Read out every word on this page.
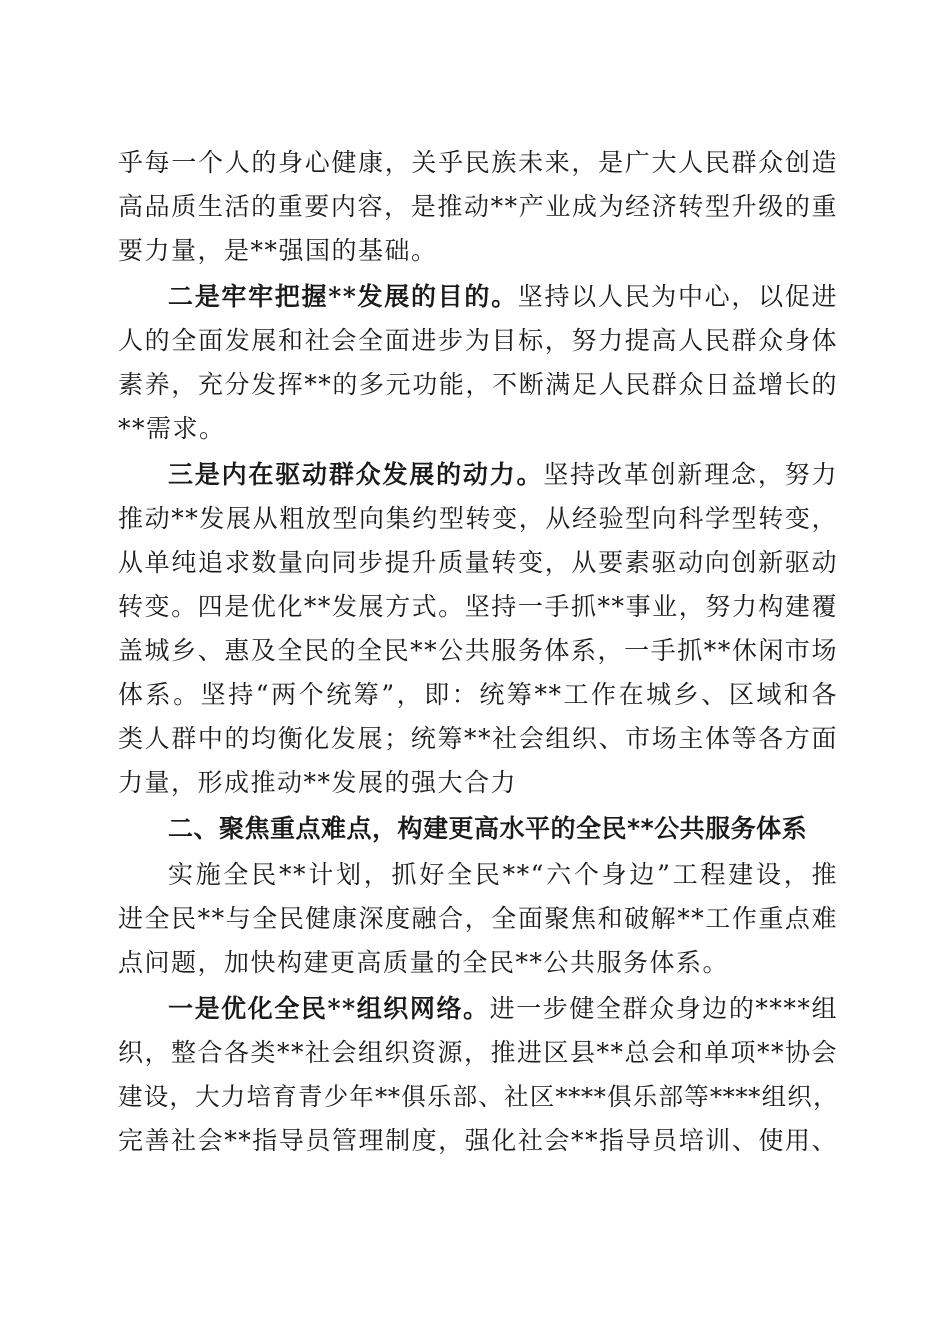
乎每一个人的身心健康，关乎民族未来，是广大人民群众创造
高品质生活的重要内容，是推动**产业成为经济转型升级的重
要力量，是**强国的基础。
二是牢牢把握**发展的目的。坚持以人民为中心，以促进
人的全面发展和社会全面进步为目标，努力提高人民群众身体
素养，充分发挥**的多元功能，不断满足人民群众日益增长的
**需求。
三是内在驱动群众发展的动力。坚持改革创新理念，努力
推动**发展从粗放型向集约型转变，从经验型向科学型转变，
从单纯追求数量向同步提升质量转变，从要素驱动向创新驱动
转变。四是优化**发展方式。坚持一手抓**事业，努力构建覆
盖城乡、惠及全民的全民**公共服务体系，一手抓**休闲市场
体系。坚持“两个统筹”，即：统筹**工作在城乡、区域和各
类人群中的均衡化发展；统筹**社会组织、市场主体等各方面
力量，形成推动**发展的强大合力
二、聚焦重点难点，构建更高水平的全民**公共服务体系
实施全民**计划，抓好全民**“六个身边”工程建设，推
进全民**与全民健康深度融合，全面聚焦和破解**工作重点难
点问题，加快构建更高质量的全民**公共服务体系。
一是优化全民**组织网络。进一步健全群众身边的****组
织，整合各类**社会组织资源，推进区县**总会和单项**协会
建设，大力培育青少年**俱乐部、社区****俱乐部等****组织，
完善社会**指导员管理制度，强化社会**指导员培训、使用、
